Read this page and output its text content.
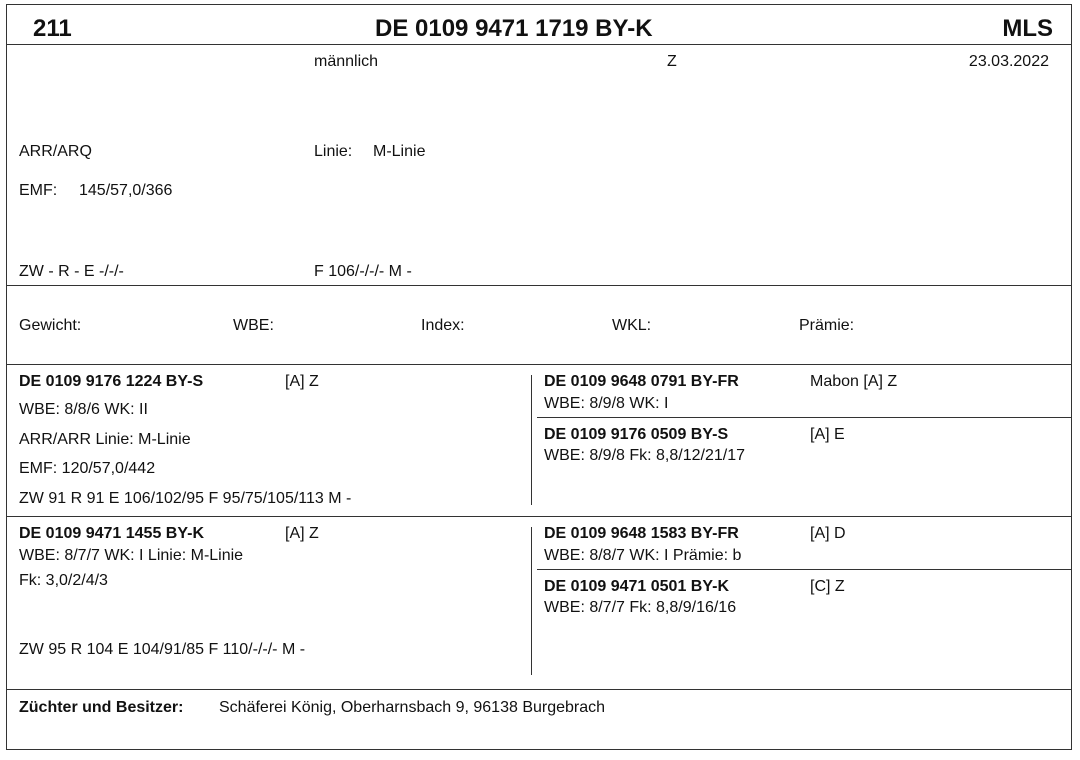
211	DE 0109 9471 1719 BY-K	MLS
männlich	Z	23.03.2022
ARR/ARQ	Linie: M-Linie
EMF: 145/57,0/366
ZW - R - E -/-/-	F 106/-/-/- M -
Gewicht:	WBE:	Index:	WKL:	Prämie:
DE 0109 9176 1224 BY-S	[A] Z
WBE: 8/8/6 WK: II
ARR/ARR Linie: M-Linie
EMF: 120/57,0/442
ZW 91 R 91 E 106/102/95 F 95/75/105/113 M -
DE 0109 9648 0791 BY-FR	Mabon [A] Z
WBE: 8/9/8 WK: I
DE 0109 9176 0509 BY-S	[A] E
WBE: 8/9/8 Fk: 8,8/12/21/17
DE 0109 9471 1455 BY-K	[A] Z
WBE: 8/7/7 WK: I Linie: M-Linie
Fk: 3,0/2/4/3
ZW 95 R 104 E 104/91/85 F 110/-/-/- M -
DE 0109 9648 1583 BY-FR	[A] D
WBE: 8/8/7 WK: I Prämie: b
DE 0109 9471 0501 BY-K	[C] Z
WBE: 8/7/7 Fk: 8,8/9/16/16
Züchter und Besitzer: Schäferei König, Oberharnsbach 9, 96138 Burgebrach
